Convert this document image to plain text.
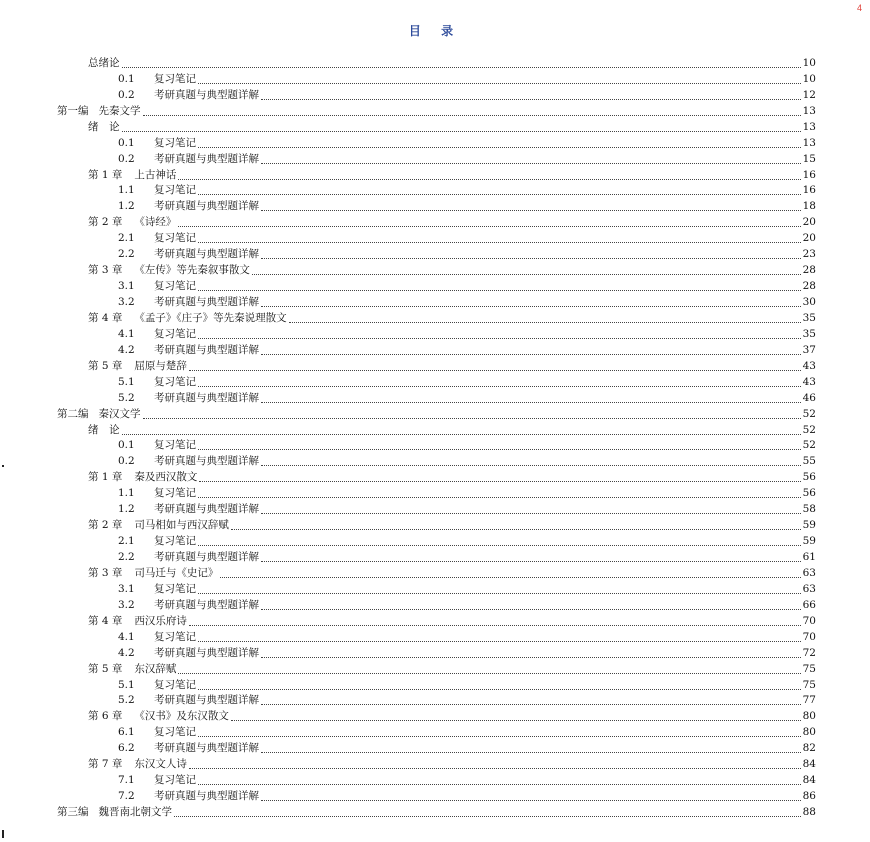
4
目 录
总绪论	10
0.1	复习笔记	10
0.2	考研真题与典型题详解	12
第一编 先秦文学	13
绪　论	13
0.1	复习笔记	13
0.2	考研真题与典型题详解	15
第 1 章 上古神话	16
1.1	复习笔记	16
1.2	考研真题与典型题详解	18
第 2 章 《诗经》	20
2.1	复习笔记	20
2.2	考研真题与典型题详解	23
第 3 章 《左传》等先秦叙事散文	28
3.1	复习笔记	28
3.2	考研真题与典型题详解	30
第 4 章 《孟子》《庄子》等先秦说理散文	35
4.1	复习笔记	35
4.2	考研真题与典型题详解	37
第 5 章 屈原与楚辞	43
5.1	复习笔记	43
5.2	考研真题与典型题详解	46
第二编 秦汉文学	52
绪　论	52
0.1	复习笔记	52
0.2	考研真题与典型题详解	55
第 1 章 秦及西汉散文	56
1.1	复习笔记	56
1.2	考研真题与典型题详解	58
第 2 章 司马相如与西汉辞赋	59
2.1	复习笔记	59
2.2	考研真题与典型题详解	61
第 3 章 司马迁与《史记》	63
3.1	复习笔记	63
3.2	考研真题与典型题详解	66
第 4 章 西汉乐府诗	70
4.1	复习笔记	70
4.2	考研真题与典型题详解	72
第 5 章 东汉辞赋	75
5.1	复习笔记	75
5.2	考研真题与典型题详解	77
第 6 章 《汉书》及东汉散文	80
6.1	复习笔记	80
6.2	考研真题与典型题详解	82
第 7 章 东汉文人诗	84
7.1	复习笔记	84
7.2	考研真题与典型题详解	86
第三编 魏晋南北朝文学	88
